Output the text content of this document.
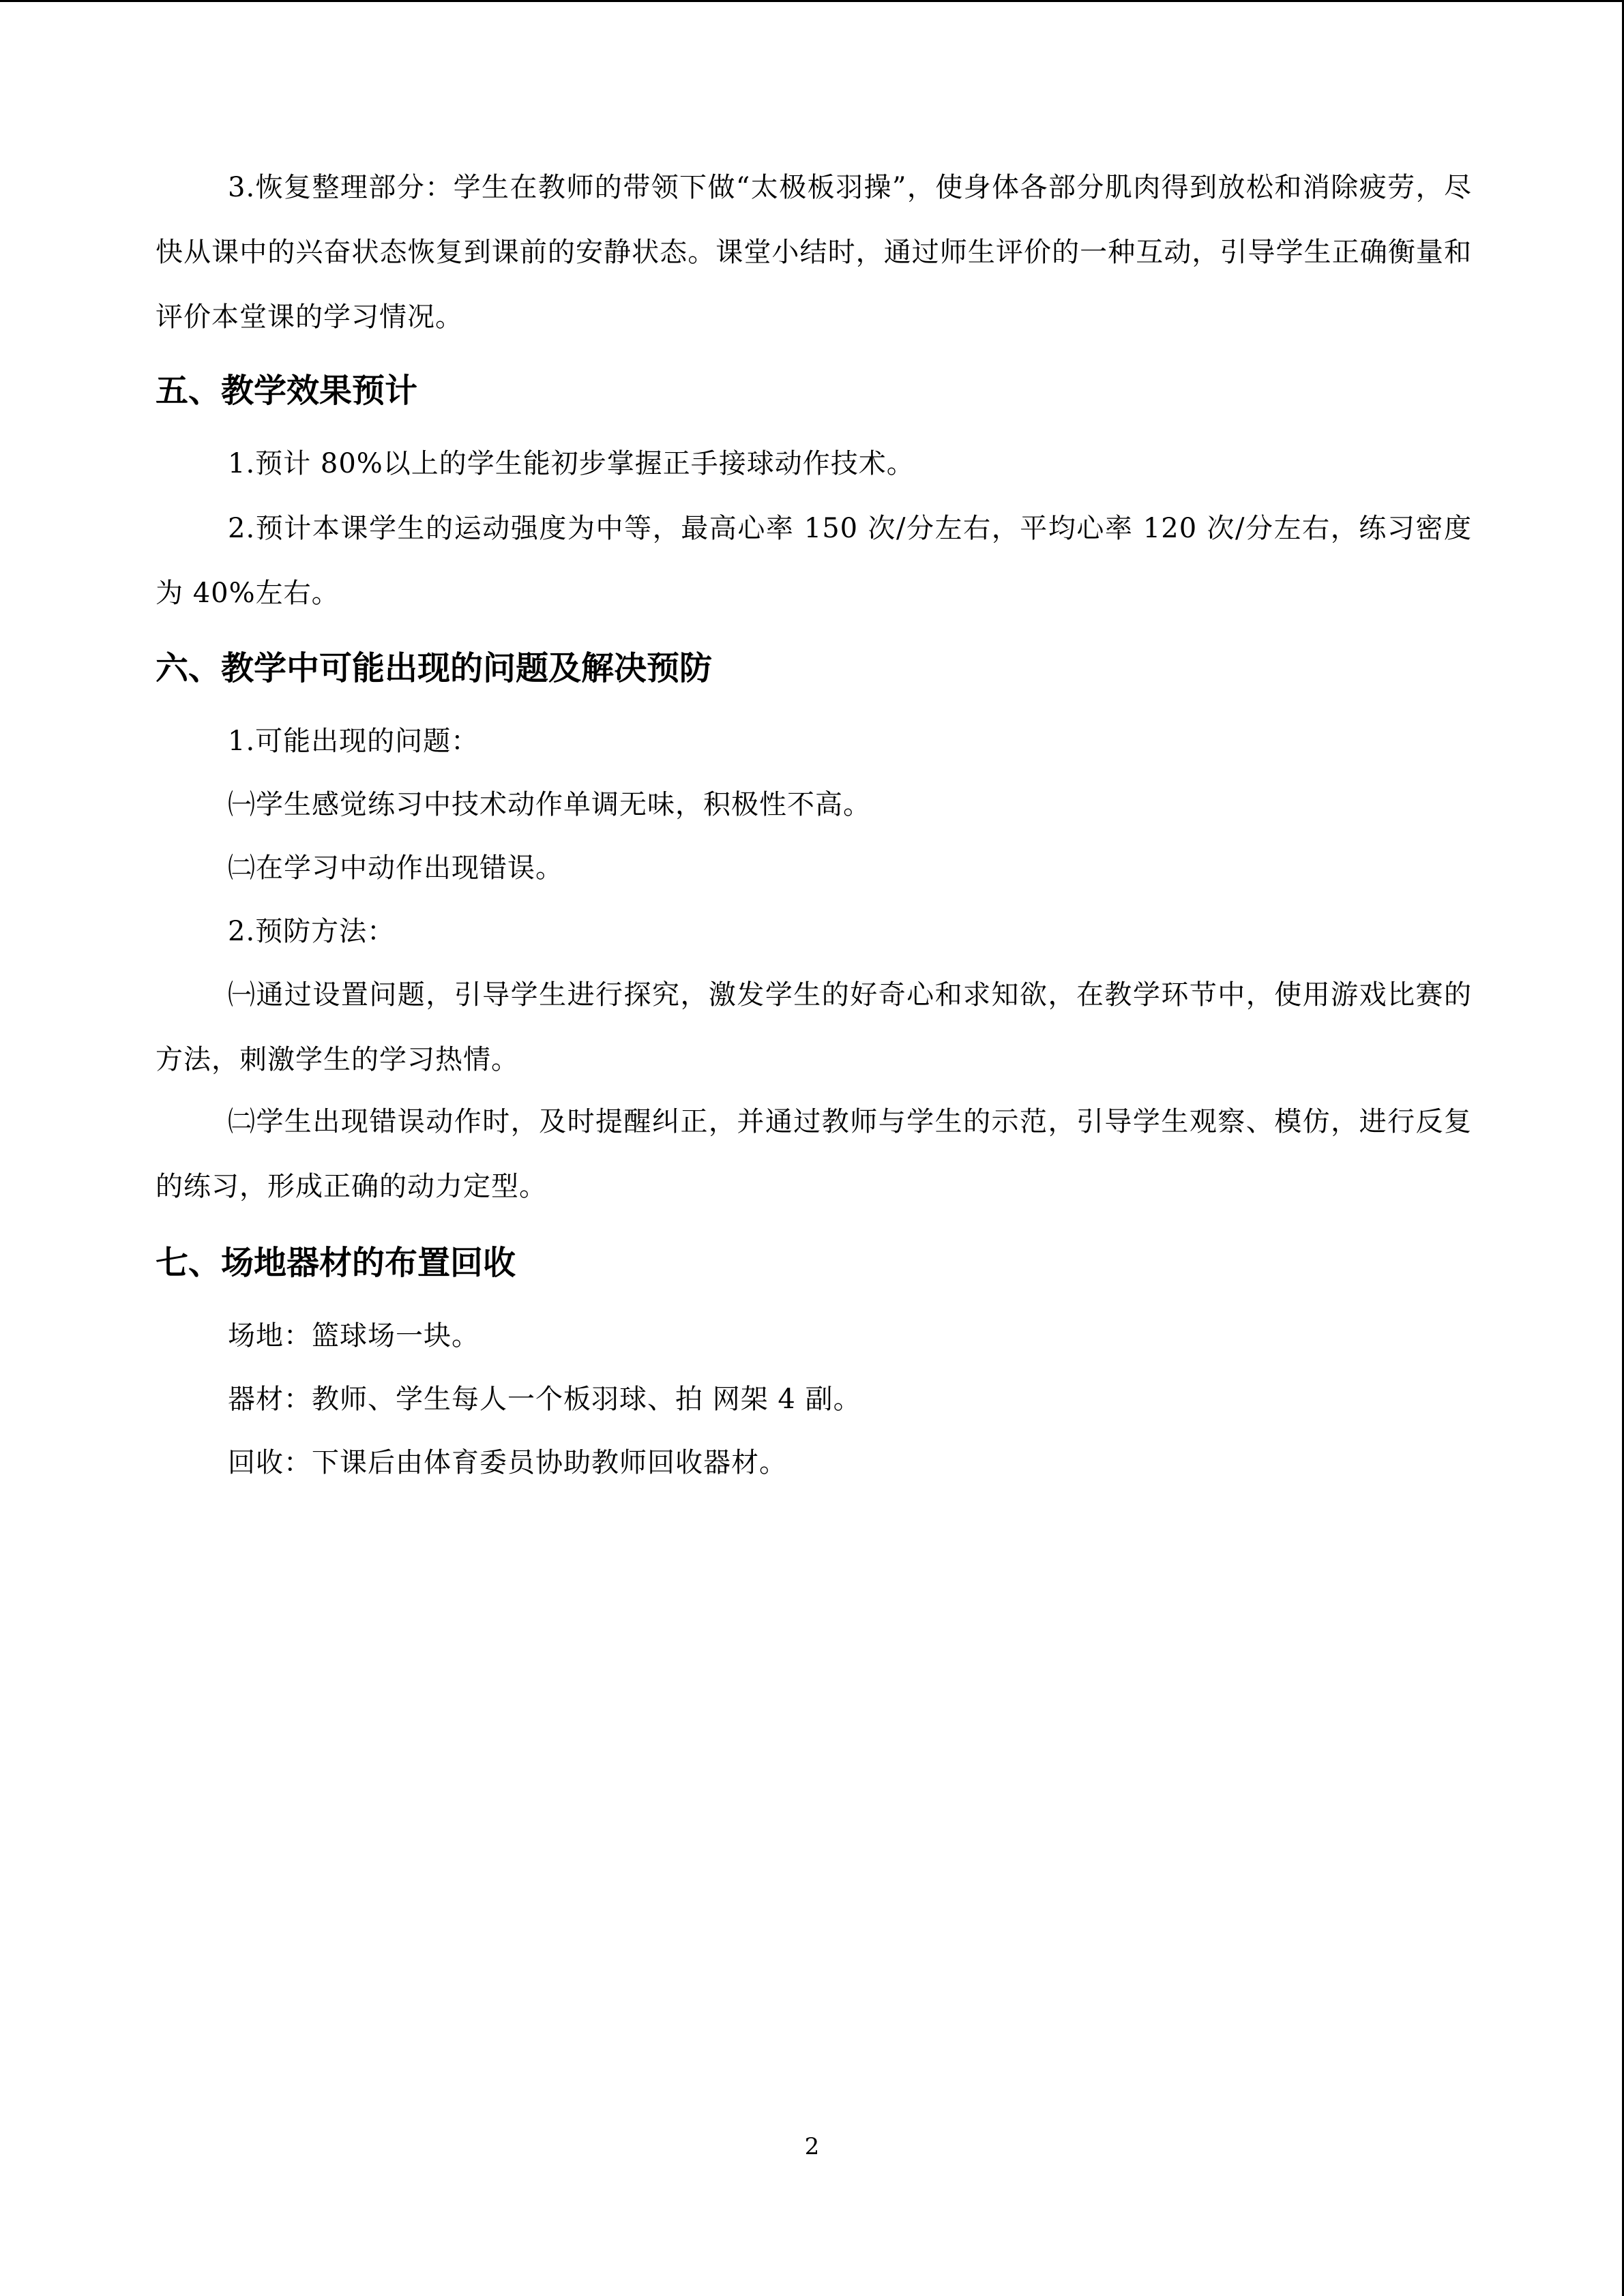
3.恢复整理部分：学生在教师的带领下做“太极板羽操”，使身体各部分肌肉得到放松和消除疲劳，尽快从课中的兴奋状态恢复到课前的安静状态。课堂小结时，通过师生评价的一种互动，引导学生正确衡量和评价本堂课的学习情况。

五、教学效果预计

1.预计 80%以上的学生能初步掌握正手接球动作技术。

2.预计本课学生的运动强度为中等，最高心率 150 次/分左右，平均心率 120 次/分左右，练习密度为 40%左右。

六、教学中可能出现的问题及解决预防

1.可能出现的问题：

㈠学生感觉练习中技术动作单调无味，积极性不高。

㈡在学习中动作出现错误。

2.预防方法：

㈠通过设置问题，引导学生进行探究，激发学生的好奇心和求知欲，在教学环节中，使用游戏比赛的方法，刺激学生的学习热情。

㈡学生出现错误动作时，及时提醒纠正，并通过教师与学生的示范，引导学生观察、模仿，进行反复的练习，形成正确的动力定型。

七、场地器材的布置回收

场地：篮球场一块。

器材：教师、学生每人一个板羽球、拍 网架 4 副。

回收：下课后由体育委员协助教师回收器材。

2
